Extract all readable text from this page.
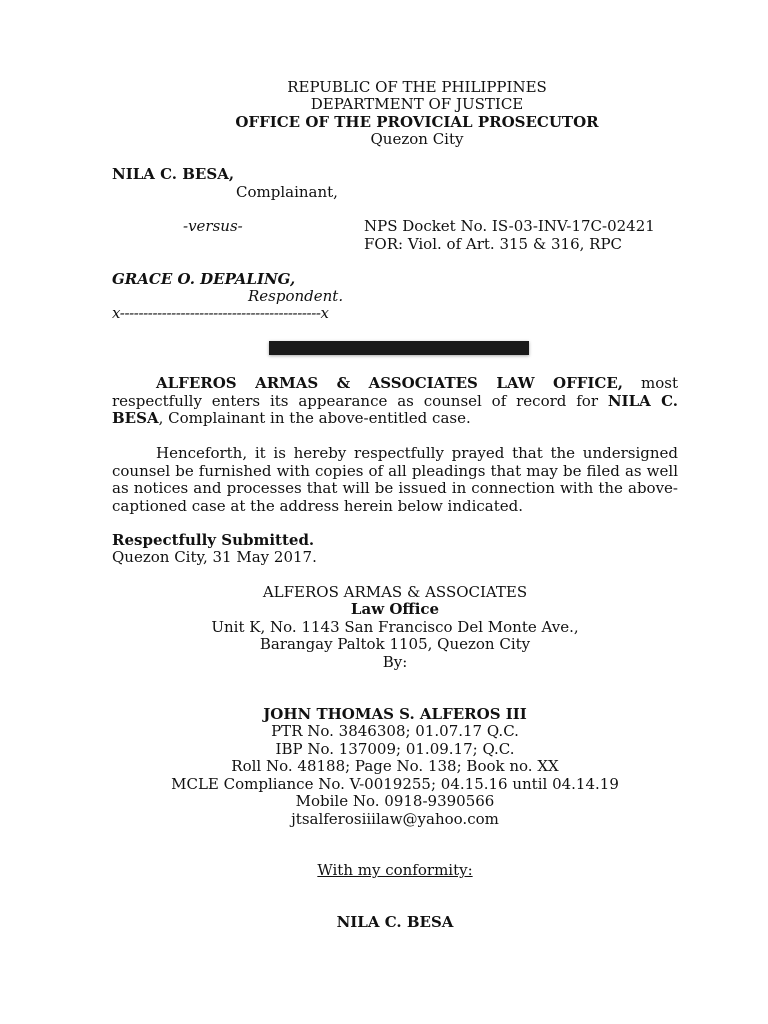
REPUBLIC OF THE PHILIPPINES
DEPARTMENT OF JUSTICE
OFFICE OF THE PROVICIAL PROSECUTOR
Quezon City
NILA C. BESA,
Complainant,
-versus-	NPS Docket No. IS-03-INV-17C-02421
FOR: Viol. of Art. 315 & 316, RPC
GRACE O. DEPALING,
Respondent.
x-------------------------------------------x
ALFEROS ARMAS & ASSOCIATES LAW OFFICE, most respectfully enters its appearance as counsel of record for NILA C. BESA, Complainant in the above-entitled case.
Henceforth, it is hereby respectfully prayed that the undersigned counsel be furnished with copies of all pleadings that may be filed as well as notices and processes that will be issued in connection with the above-captioned case at the address herein below indicated.
Respectfully Submitted.
Quezon City, 31 May 2017.
ALFEROS ARMAS & ASSOCIATES
Law Office
Unit K, No. 1143 San Francisco Del Monte Ave.,
Barangay Paltok 1105, Quezon City
By:
JOHN THOMAS S. ALFEROS III
PTR No. 3846308; 01.07.17 Q.C.
IBP No. 137009; 01.09.17; Q.C.
Roll No. 48188; Page No. 138; Book no. XX
MCLE Compliance No. V-0019255; 04.15.16 until 04.14.19
Mobile No. 0918-9390566
jtsalferosiiilaw@yahoo.com
With my conformity:
NILA C. BESA
